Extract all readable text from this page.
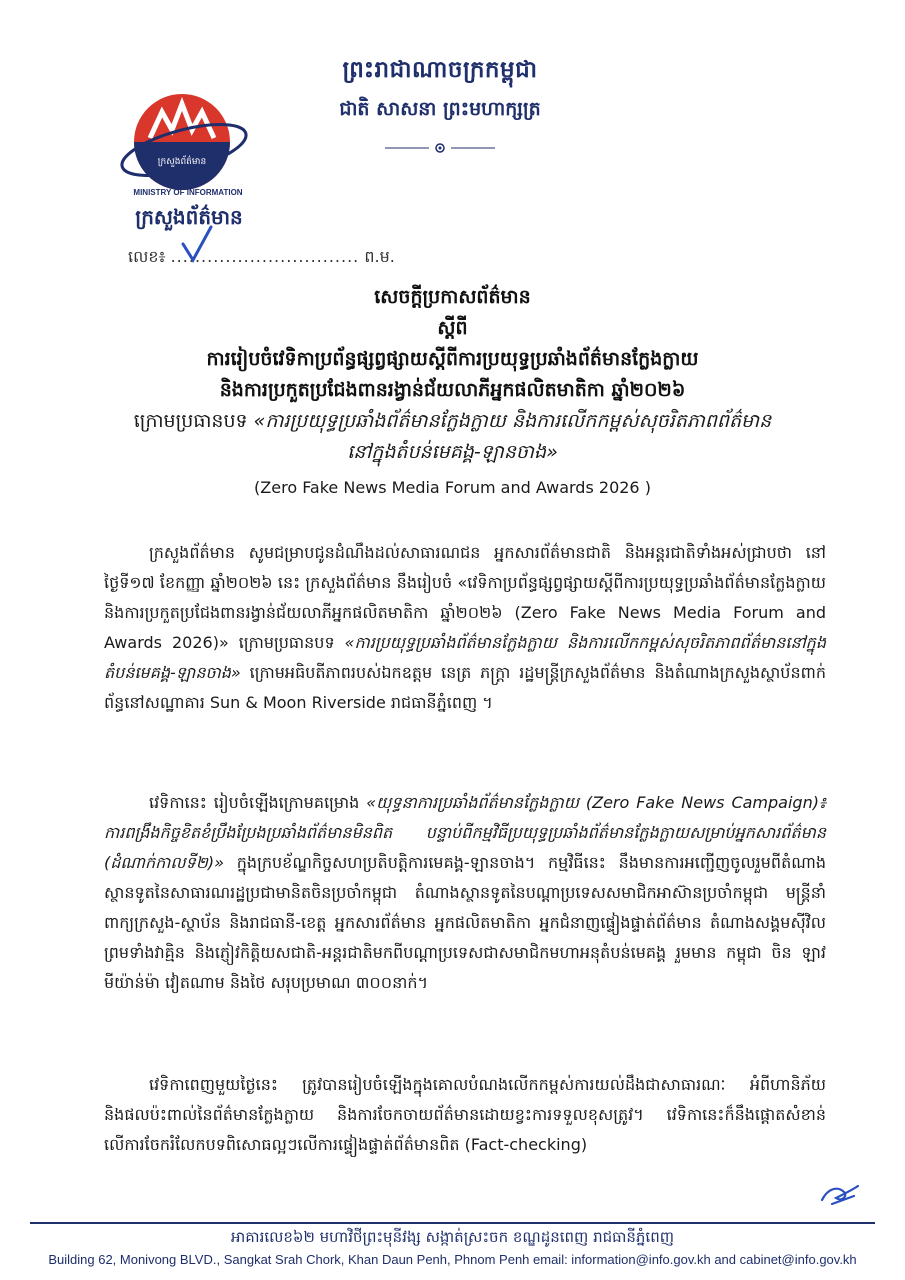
ក្រសួងព័ត៌មាន
MINISTRY OF INFORMATION
ក្រសួងព័ត៌មាន
លេខ៖ ............................... ព.ម.
ព្រះរាជាណាចក្រកម្ពុជា
ជាតិ សាសនា ព្រះមហាក្សត្រ
សេចក្ដីប្រកាសព័ត៌មាន
ស្ដីពី
ការរៀបចំវេទិកាប្រព័ន្ធផ្សព្វផ្សាយស្ដីពីការប្រយុទ្ធប្រឆាំងព័ត៌មានក្លែងក្លាយ
និងការប្រកួតប្រជែងពានរង្វាន់ជ័យលាភីអ្នកផលិតមាតិកា ឆ្នាំ២០២៦
ក្រោមប្រធានបទ «ការប្រយុទ្ធប្រឆាំងព័ត៌មានក្លែងក្លាយ និងការលើកកម្ពស់សុចរិតភាពព័ត៌មាន
នៅក្នុងតំបន់មេគង្គ-ឡានចាង»
(Zero Fake News Media Forum and Awards 2026 )
ក្រសួងព័ត៌មាន សូមជម្រាបជូនដំណឹងដល់សាធារណជន អ្នកសារព័ត៌មានជាតិ និងអន្តរជាតិទាំងអស់ជ្រាបថា នៅថ្ងៃទី១៧ ខែកញ្ញា ឆ្នាំ២០២៦ នេះ ក្រសួងព័ត៌មាន នឹងរៀបចំ «វេទិកាប្រព័ន្ធផ្សព្វផ្សាយស្ដីពីការប្រយុទ្ធប្រឆាំងព័ត៌មានក្លែងក្លាយ និងការប្រកួតប្រជែងពានរង្វាន់ជ័យលាភីអ្នកផលិតមាតិកា ឆ្នាំ២០២៦ (Zero Fake News Media Forum and Awards 2026)» ក្រោមប្រធានបទ «ការប្រយុទ្ធប្រឆាំងព័ត៌មានក្លែងក្លាយ និងការលើកកម្ពស់សុចរិតភាពព័ត៌មាននៅក្នុងតំបន់មេគង្គ-ឡានចាង» ក្រោមអធិបតីភាពរបស់ឯកឧត្តម នេត្រ ភក្ត្រា រដ្ឋមន្ត្រីក្រសួងព័ត៌មាន និងតំណាងក្រសួងស្ថាប័នពាក់ព័ន្ធនៅសណ្ឋាគារ Sun & Moon Riverside រាជធានីភ្នំពេញ ។
វេទិកានេះ រៀបចំឡើងក្រោមគម្រោង «យុទ្ធនាការប្រឆាំងព័ត៌មានក្លែងក្លាយ (Zero Fake News Campaign)៖ ការពង្រឹងកិច្ចខិតខំប្រឹងប្រែងប្រឆាំងព័ត៌មានមិនពិត បន្ទាប់ពីកម្មវិធីប្រយុទ្ធប្រឆាំងព័ត៌មានក្លែងក្លាយសម្រាប់អ្នកសារព័ត៌មាន (ដំណាក់កាលទី២)» ក្នុងក្របខ័ណ្ឌកិច្ចសហប្រតិបត្តិការមេគង្គ-ឡានចាង។ កម្មវិធីនេះ នឹងមានការអញ្ជើញចូលរួមពីតំណាងស្ថានទូតនៃសាធារណរដ្ឋប្រជាមានិតចិនប្រចាំកម្ពុជា តំណាងស្ថានទូតនៃបណ្ដាប្រទេសសមាជិកអាស៊ានប្រចាំកម្ពុជា មន្ត្រីនាំពាក្យក្រសួង-ស្ថាប័ន និងរាជធានី-ខេត្ត អ្នកសារព័ត៌មាន អ្នកផលិតមាតិកា អ្នកជំនាញផ្ទៀងផ្ទាត់ព័ត៌មាន តំណាងសង្គមស៊ីវិល ព្រមទាំងវាគ្មិន និងភ្ញៀវកិត្តិយសជាតិ-អន្តរជាតិមកពីបណ្ដាប្រទេសជាសមាជិកមហាអនុតំបន់មេគង្គ រួមមាន កម្ពុជា ចិន ឡាវ មីយ៉ាន់ម៉ា វៀតណាម និងថៃ សរុបប្រមាណ ៣០០នាក់។
វេទិកាពេញមួយថ្ងៃនេះ ត្រូវបានរៀបចំឡើងក្នុងគោលបំណងលើកកម្ពស់ការយល់ដឹងជាសាធារណៈ អំពីហានិភ័យ និងផលប៉ះពាល់នៃព័ត៌មានក្លែងក្លាយ និងការចែកចាយព័ត៌មានដោយខ្វះការទទួលខុសត្រូវ។ វេទិកានេះក៏នឹងផ្ដោតសំខាន់លើការចែករំលែកបទពិសោធល្អៗលើការផ្ទៀងផ្ទាត់ព័ត៌មានពិត (Fact-checking)
អាគារលេខ៦២ មហាវិថីព្រះមុនីវង្ស សង្កាត់ស្រះចក ខណ្ឌដូនពេញ រាជធានីភ្នំពេញ
Building 62, Monivong BLVD., Sangkat Srah Chork, Khan Daun Penh, Phnom Penh email: information@info.gov.kh and cabinet@info.gov.kh
